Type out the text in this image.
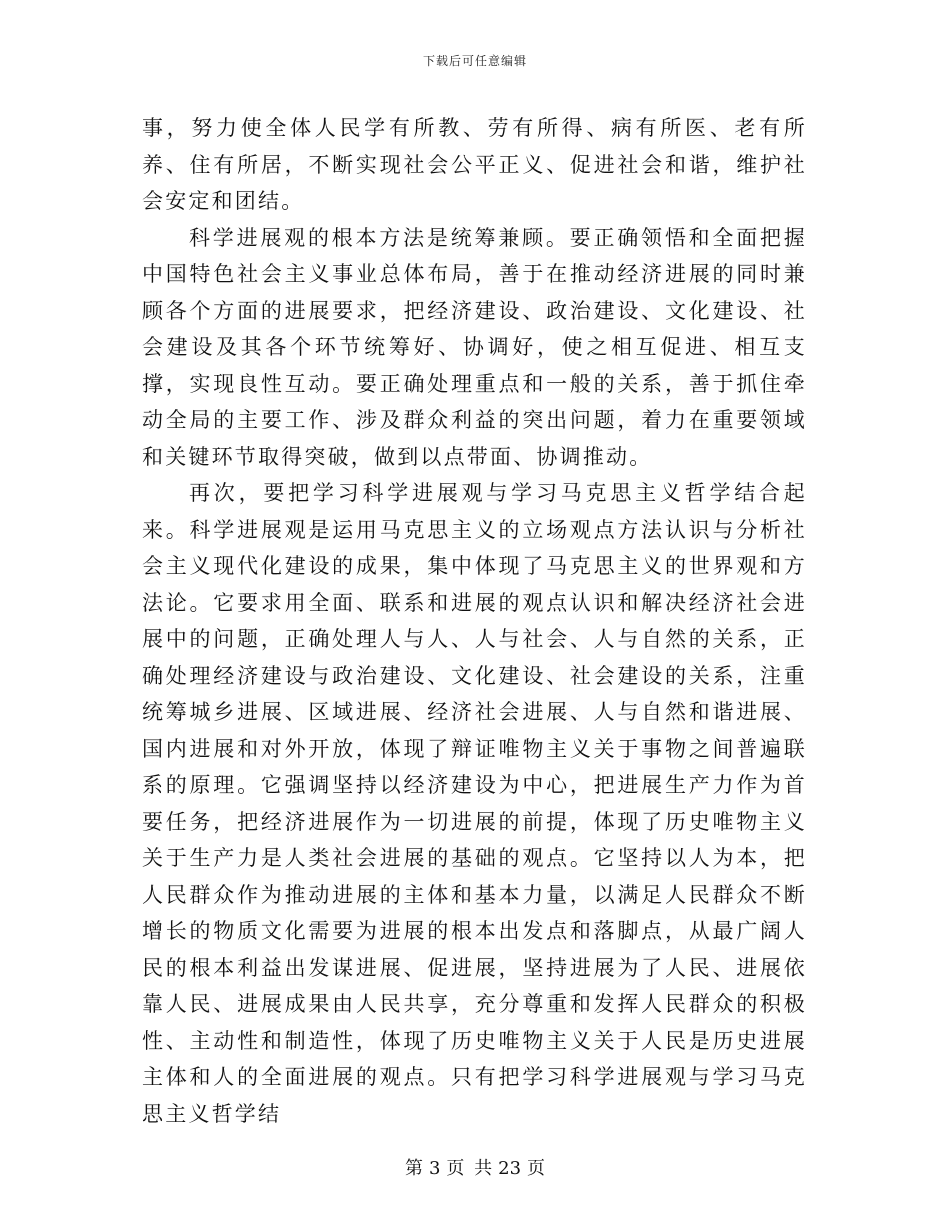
下载后可任意编辑

事，努力使全体人民学有所教、劳有所得、病有所医、老有所养、住有所居，不断实现社会公平正义、促进社会和谐，维护社会安定和团结。

科学进展观的根本方法是统筹兼顾。要正确领悟和全面把握中国特色社会主义事业总体布局，善于在推动经济进展的同时兼顾各个方面的进展要求，把经济建设、政治建设、文化建设、社会建设及其各个环节统筹好、协调好，使之相互促进、相互支撑，实现良性互动。要正确处理重点和一般的关系，善于抓住牵动全局的主要工作、涉及群众利益的突出问题，着力在重要领域和关键环节取得突破，做到以点带面、协调推动。

再次，要把学习科学进展观与学习马克思主义哲学结合起来。科学进展观是运用马克思主义的立场观点方法认识与分析社会主义现代化建设的成果，集中体现了马克思主义的世界观和方法论。它要求用全面、联系和进展的观点认识和解决经济社会进展中的问题，正确处理人与人、人与社会、人与自然的关系，正确处理经济建设与政治建设、文化建设、社会建设的关系，注重统筹城乡进展、区域进展、经济社会进展、人与自然和谐进展、国内进展和对外开放，体现了辩证唯物主义关于事物之间普遍联系的原理。它强调坚持以经济建设为中心，把进展生产力作为首要任务，把经济进展作为一切进展的前提，体现了历史唯物主义关于生产力是人类社会进展的基础的观点。它坚持以人为本，把人民群众作为推动进展的主体和基本力量，以满足人民群众不断增长的物质文化需要为进展的根本出发点和落脚点，从最广阔人民的根本利益出发谋进展、促进展，坚持进展为了人民、进展依靠人民、进展成果由人民共享，充分尊重和发挥人民群众的积极性、主动性和制造性，体现了历史唯物主义关于人民是历史进展主体和人的全面进展的观点。只有把学习科学进展观与学习马克思主义哲学结

第 3 页 共 23 页
